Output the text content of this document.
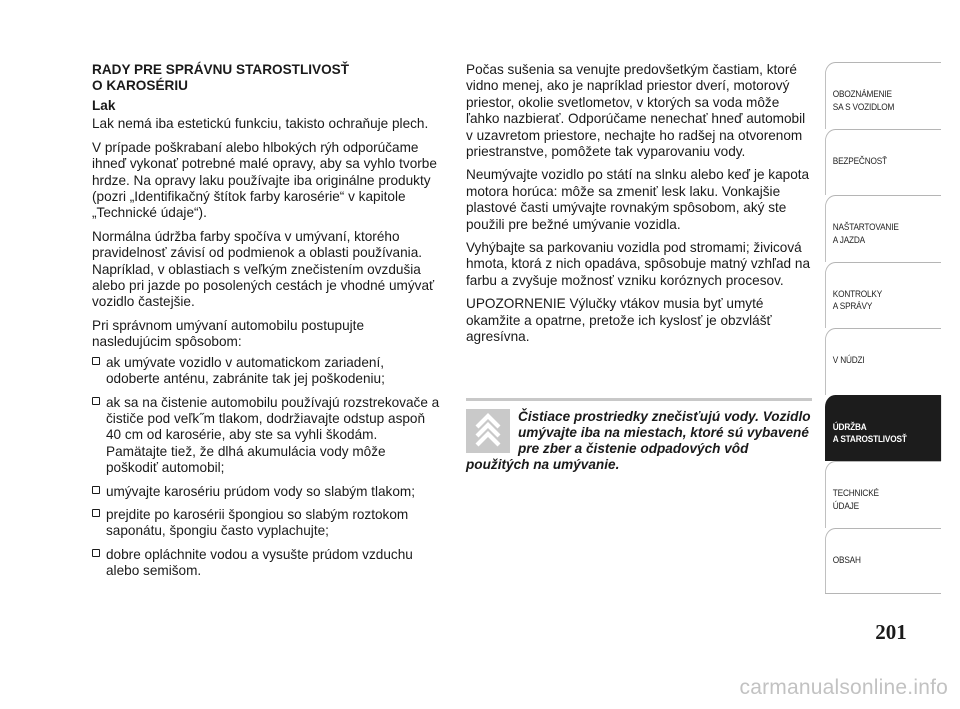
RADY PRE SPRÁVNU STAROSTLIVOSŤ
O KAROSÉRIU
Lak

Lak nemá iba estetickú funkciu, takisto ochraňuje plech.

V prípade poškrabaní alebo hlbokých rýh odporúčame ihneď vykonať potrebné malé opravy, aby sa vyhlo tvorbe hrdze. Na opravy laku používajte iba originálne produkty (pozri „Identifikačný štítok farby karosérie“ v kapitole „Technické údaje“).

Normálna údržba farby spočíva v umývaní, ktorého pravidelnosť závisí od podmienok a oblasti používania. Napríklad, v oblastiach s veľkým znečistením ovzdušia alebo pri jazde po posolených cestách je vhodné umývať vozidlo častejšie.

Pri správnom umývaní automobilu postupujte nasledujúcim spôsobom:

ak umývate vozidlo v automatickom zariadení, odoberte anténu, zabránite tak jej poškodeniu;
ak sa na čistenie automobilu používajú rozstrekovače a čističe pod veľk˝m tlakom, dodržiavajte odstup aspoň 40 cm od karosérie, aby ste sa vyhli škodám. Pamätajte tiež, že dlhá akumulácia vody môže poškodiť automobil;
umývajte karosériu prúdom vody so slabým tlakom;
prejdite po karosérii špongiou so slabým roztokom saponátu, špongiu často vyplachujte;
dobre opláchnite vodou a vysušte prúdom vzduchu alebo semišom.

Počas sušenia sa venujte predovšetkým častiam, ktoré vidno menej, ako je napríklad priestor dverí, motorový priestor, okolie svetlometov, v ktorých sa voda môže ľahko nazbierať. Odporúčame nenechať hneď automobil v uzavretom priestore, nechajte ho radšej na otvorenom priestranstve, pomôžete tak vyparovaniu vody.

Neumývajte vozidlo po státí na slnku alebo keď je kapota motora horúca: môže sa zmeniť lesk laku. Vonkajšie plastové časti umývajte rovnakým spôsobom, aký ste použili pre bežné umývanie vozidla.

Vyhýbajte sa parkovaniu vozidla pod stromami; živicová hmota, ktorá z nich opadáva, spôsobuje matný vzhľad na farbu a zvyšuje možnosť vzniku koróznych procesov.

UPOZORNENIE Výlučky vtákov musia byť umyté okamžite a opatrne, pretože ich kyslosť je obzvlášť agresívna.

Čistiace prostriedky znečisťujú vody. Vozidlo umývajte iba na miestach, ktoré sú vybavené pre zber a čistenie odpadových vôd použitých na umývanie.
OBOZNÁMENIE
SA S VOZIDLOM
BEZPEČNOSŤ
NAŠTARTOVANIE
A JAZDA
KONTROLKY
A SPRÁVY
V NÚDZI
ÚDRŽBA
A STAROSTLIVOSŤ
TECHNICKÉ
ÚDAJE
OBSAH
201
carmanualsonline.info
